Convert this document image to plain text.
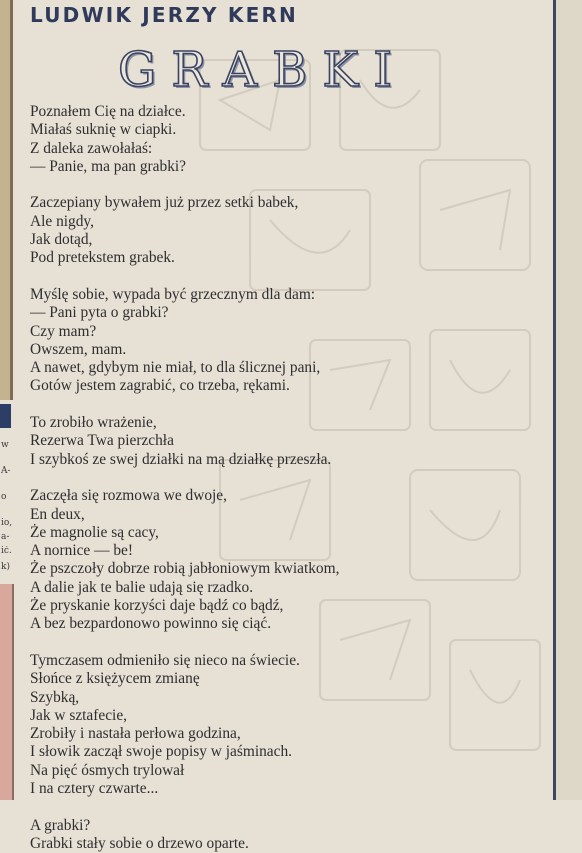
w
A-
o
io,
a-
ić.
k)
LUDWIK JERZY KERN
GRABKI
Poznałem Cię na działce.
Miałaś suknię w ciapki.
Z daleka zawołałaś:
— Panie, ma pan grabki?
Zaczepiany bywałem już przez setki babek,
Ale nigdy,
Jak dotąd,
Pod pretekstem grabek.
Myślę sobie, wypada być grzecznym dla dam:
— Pani pyta o grabki?
Czy mam?
Owszem, mam.
A nawet, gdybym nie miał, to dla ślicznej pani,
Gotów jestem zagrabić, co trzeba, rękami.
To zrobiło wrażenie,
Rezerwa Twa pierzchła
I szybkoś ze swej działki na mą działkę przeszła.
Zaczęła się rozmowa we dwoje,
En deux,
Że magnolie są cacy,
A nornice — be!
Że pszczoły dobrze robią jabłoniowym kwiatkom,
A dalie jak te balie udają się rzadko.
Że pryskanie korzyści daje bądź co bądź,
A bez bezpardonowo powinno się ciąć.
Tymczasem odmieniło się nieco na świecie.
Słońce z księżycem zmianę
Szybką,
Jak w sztafecie,
Zrobiły i nastała perłowa godzina,
I słowik zaczął swoje popisy w jaśminach.
Na pięć ósmych trylował
I na cztery czwarte...
A grabki?
Grabki stały sobie o drzewo oparte.
